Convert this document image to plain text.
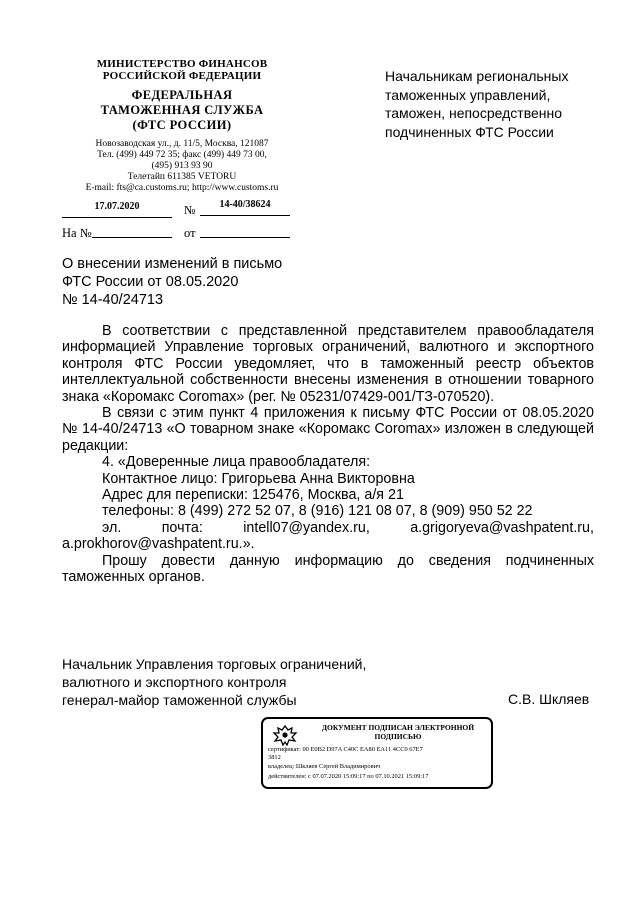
МИНИСТЕРСТВО ФИНАНСОВ
РОССИЙСКОЙ ФЕДЕРАЦИИ
ФЕДЕРАЛЬНАЯ
ТАМОЖЕННАЯ СЛУЖБА
(ФТС РОССИИ)
Новозаводская ул., д. 11/5, Москва, 121087
Тел. (499) 449 72 35; факс (499) 449 73 00,
(495) 913 93 90
Телетайп 611385 VETORU
E-mail: fts@ca.customs.ru; http://www.customs.ru
17.07.2020	№	14-40/38624
На №	от
Начальникам региональных
таможенных управлений,
таможен, непосредственно
подчиненных ФТС России
О внесении изменений в письмо
ФТС России от 08.05.2020
№ 14-40/24713

В соответствии с представленной представителем правообладателя информацией Управление торговых ограничений, валютного и экспортного контроля ФТС России уведомляет, что в таможенный реестр объектов интеллектуальной собственности внесены изменения в отношении товарного знака «Коромакс Coromax» (рег. № 05231/07429-001/ТЗ-070520).

В связи с этим пункт 4 приложения к письму ФТС России от 08.05.2020 № 14-40/24713 «О товарном знаке «Коромакс Coromax» изложен в следующей редакции:

4. «Доверенные лица правообладателя:
Контактное лицо: Григорьева Анна Викторовна
Адрес для переписки: 125476, Москва, а/я 21
телефоны: 8 (499) 272 52 07, 8 (916) 121 08 07, 8 (909) 950 52 22
эл.	почта:	intell07@yandex.ru,	a.grigoryeva@vashpatent.ru,
a.prokhorov@vashpatent.ru.».

Прошу довести данную информацию до сведения подчиненных таможенных органов.

Начальник Управления торговых ограничений,
валютного и экспортного контроля
генерал-майор таможенной службы	С.В. Шкляев
ДОКУМЕНТ ПОДПИСАН ЭЛЕКТРОННОЙ
ПОДПИСЬЮ
сертификат: 00 E0B2 D97A C40C EA80 EA11 4CC0 67E7
3812
владелец: Шкляев Сергей Владимирович
действителен: с 07.07.2020 15:09:17 по 07.10.2021 15:09:17
